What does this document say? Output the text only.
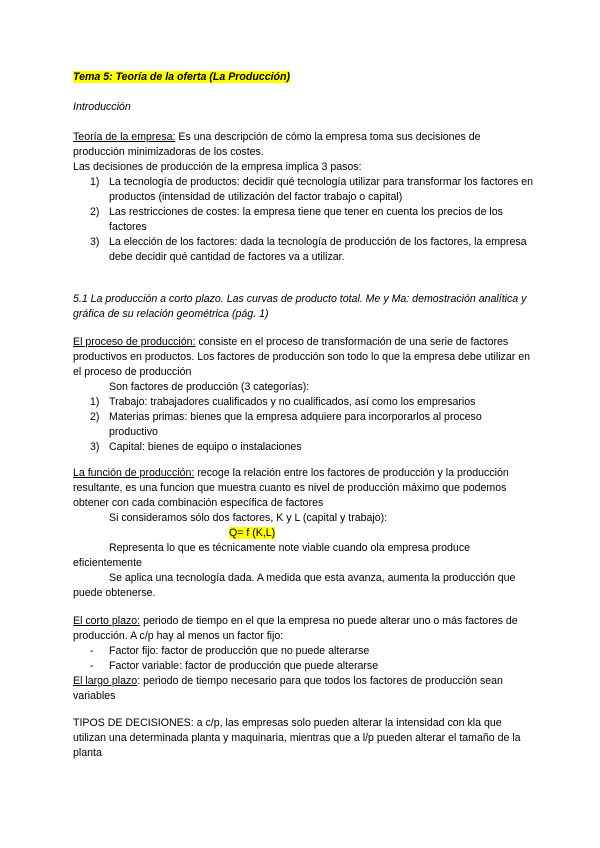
Tema 5: Teoría de la oferta (La Producción)

Introducción

Teoría de la empresa: Es una descripción de cómo la empresa toma sus decisiones de producción minimizadoras de los costes.

Las decisiones de producción de la empresa implica 3 pasos:

1) La tecnología de productos: decidir qué tecnología utilizar para transformar los factores en productos (intensidad de utilización del factor trabajo o capital)
2) Las restricciones de costes: la empresa tiene que tener en cuenta los precios de los factores
3) La elección de los factores: dada la tecnología de producción de los factores, la empresa debe decidir qué cantidad de factores va a utilizar.

5.1 La producción a corto plazo. Las curvas de producto total. Me y Ma: demostración analítica y gráfica de su relación geométrica (pág. 1)

El proceso de producción: consiste en el proceso de transformación de una serie de factores productivos en productos. Los factores de producción son todo lo que la empresa debe utilizar en el proceso de producción

Son factores de producción (3 categorías):

1) Trabajo: trabajadores cualificados y no cualificados, así como los empresarios
2) Materias primas: bienes que la empresa adquiere para incorporarlos al proceso productivo
3) Capital: bienes de equipo o instalaciones

La función de producción: recoge la relación entre los factores de producción y la producción resultante, es una funcion que muestra cuanto es nivel de producción máximo que podemos obtener con cada combinación específica de factores

Si consideramos sólo dos factores, K y L (capital y trabajo):

Q= f (K,L)

Representa lo que es técnicamente note viable cuando ola empresa produce eficientemente

Se aplica una tecnología dada. A medida que esta avanza, aumenta la producción que puede obtenerse.

El corto plazo: periodo de tiempo en el que la empresa no puede alterar uno o más factores de producción. A c/p hay al menos un factor fijo:

- Factor fijo: factor de producción que no puede alterarse
- Factor variable: factor de producción que puede alterarse

El largo plazo: periodo de tiempo necesario para que todos los factores de producción sean variables

TIPOS DE DECISIONES: a c/p, las empresas solo pueden alterar la intensidad con kla que utilizan una determinada planta y maquinaria, mientras que a l/p pueden alterar el tamaño de la planta
